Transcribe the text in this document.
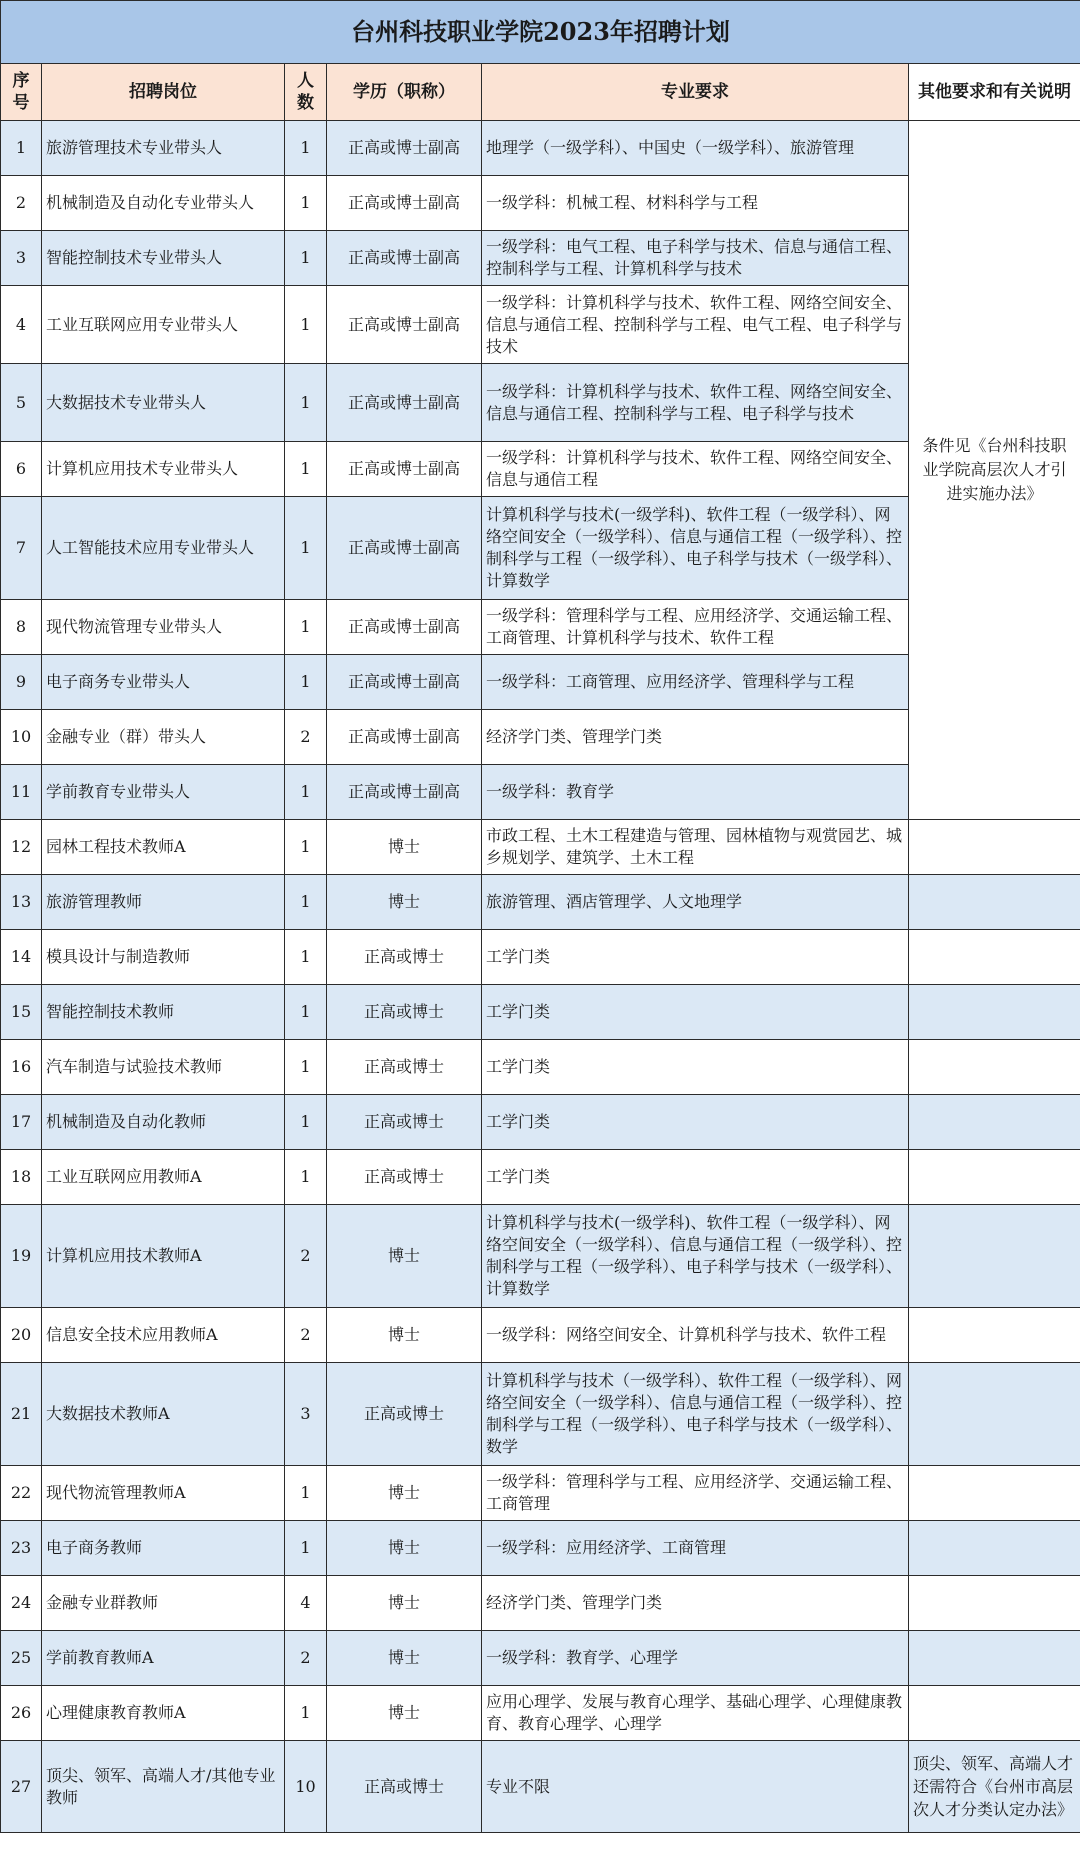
台州科技职业学院2023年招聘计划					
序号	招聘岗位	人数	学历（职称）	专业要求	其他要求和有关说明
1	旅游管理技术专业带头人	1	正高或博士副高	地理学（一级学科）、中国史（一级学科）、旅游管理	条件见《台州科技职业学院高层次人才引进实施办法》
2	机械制造及自动化专业带头人	1	正高或博士副高	一级学科：机械工程、材料科学与工程	
3	智能控制技术专业带头人	1	正高或博士副高	一级学科：电气工程、电子科学与技术、信息与通信工程、控制科学与工程、计算机科学与技术	
4	工业互联网应用专业带头人	1	正高或博士副高	一级学科：计算机科学与技术、软件工程、网络空间安全、信息与通信工程、控制科学与工程、电气工程、电子科学与技术	
5	大数据技术专业带头人	1	正高或博士副高	一级学科：计算机科学与技术、软件工程、网络空间安全、信息与通信工程、控制科学与工程、电子科学与技术	
6	计算机应用技术专业带头人	1	正高或博士副高	一级学科：计算机科学与技术、软件工程、网络空间安全、信息与通信工程	
7	人工智能技术应用专业带头人	1	正高或博士副高	计算机科学与技术(一级学科)、软件工程（一级学科）、网络空间安全（一级学科）、信息与通信工程（一级学科）、控制科学与工程（一级学科）、电子科学与技术（一级学科）、计算数学	
8	现代物流管理专业带头人	1	正高或博士副高	一级学科：管理科学与工程、应用经济学、交通运输工程、工商管理、计算机科学与技术、软件工程	
9	电子商务专业带头人	1	正高或博士副高	一级学科：工商管理、应用经济学、管理科学与工程	
10	金融专业（群）带头人	2	正高或博士副高	经济学门类、管理学门类	
11	学前教育专业带头人	1	正高或博士副高	一级学科：教育学	
12	园林工程技术教师A	1	博士	市政工程、土木工程建造与管理、园林植物与观赏园艺、城乡规划学、建筑学、土木工程	
13	旅游管理教师	1	博士	旅游管理、酒店管理学、人文地理学	
14	模具设计与制造教师	1	正高或博士	工学门类	
15	智能控制技术教师	1	正高或博士	工学门类	
16	汽车制造与试验技术教师	1	正高或博士	工学门类	
17	机械制造及自动化教师	1	正高或博士	工学门类	
18	工业互联网应用教师A	1	正高或博士	工学门类	
19	计算机应用技术教师A	2	博士	计算机科学与技术(一级学科)、软件工程（一级学科）、网络空间安全（一级学科）、信息与通信工程（一级学科）、控制科学与工程（一级学科）、电子科学与技术（一级学科）、计算数学	
20	信息安全技术应用教师A	2	博士	一级学科：网络空间安全、计算机科学与技术、软件工程	
21	大数据技术教师A	3	正高或博士	计算机科学与技术（一级学科）、软件工程（一级学科）、网络空间安全（一级学科）、信息与通信工程（一级学科）、控制科学与工程（一级学科）、电子科学与技术（一级学科）、数学	
22	现代物流管理教师A	1	博士	一级学科：管理科学与工程、应用经济学、交通运输工程、工商管理	
23	电子商务教师	1	博士	一级学科：应用经济学、工商管理	
24	金融专业群教师	4	博士	经济学门类、管理学门类	
25	学前教育教师A	2	博士	一级学科：教育学、心理学	
26	心理健康教育教师A	1	博士	应用心理学、发展与教育心理学、基础心理学、心理健康教育、教育心理学、心理学	
27	顶尖、领军、高端人才/其他专业教师	10	正高或博士	专业不限	顶尖、领军、高端人才还需符合《台州市高层次人才分类认定办法》
